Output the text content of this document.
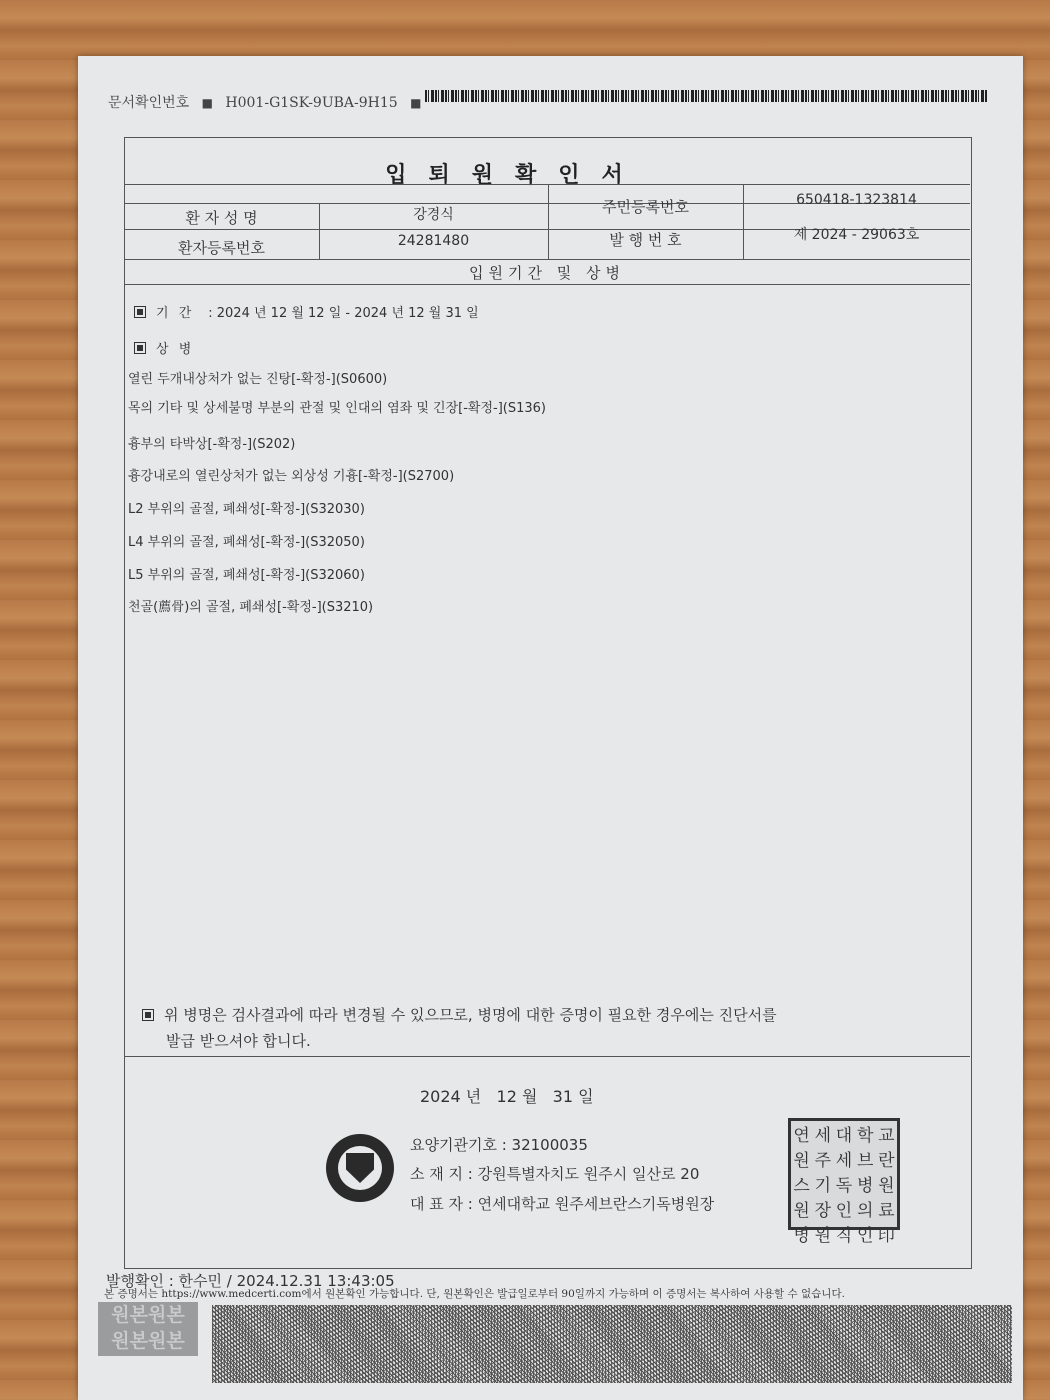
문서확인번호 ■ H001-G1SK-9UBA-9H15 ■
입퇴원확인서
환 자 성 명	강경식	주민등록번호	650418-1323814
환자등록번호	24281480	발 행 번 호	제 2024 - 29063호
입원기간 및 상병
기 간 : 2024 년 12 월 12 일 - 2024 년 12 월 31 일
상 병
열린 두개내상처가 없는 진탕[-확정-](S0600)
목의 기타 및 상세불명 부분의 관절 및 인대의 염좌 및 긴장[-확정-](S136)
흉부의 타박상[-확정-](S202)
흉강내로의 열린상처가 없는 외상성 기흉[-확정-](S2700)
L2 부위의 골절, 폐쇄성[-확정-](S32030)
L4 부위의 골절, 폐쇄성[-확정-](S32050)
L5 부위의 골절, 폐쇄성[-확정-](S32060)
천골(薦骨)의 골절, 폐쇄성[-확정-](S3210)
위 병명은 검사결과에 따라 변경될 수 있으므로, 병명에 대한 증명이 필요한 경우에는 진단서를
발급 받으셔야 합니다.
2024 년   12 월   31 일
요양기관기호 : 32100035
소 재 지 : 강원특별자치도 원주시 일산로 20
대 표 자 : 연세대학교 원주세브란스기독병원장
연 세 대 학 교
원 주 세 브 란
스 기 독 병 원
원 장 인 의 료
병 원 직 인 印
발행확인 : 한수민 / 2024.12.31 13:43:05
본 증명서는 https://www.medcerti.com에서 원본확인 가능합니다. 단, 원본확인은 발급일로부터 90일까지 가능하며 이 증명서는 복사하여 사용할 수 없습니다.
원본원본
원본원본
